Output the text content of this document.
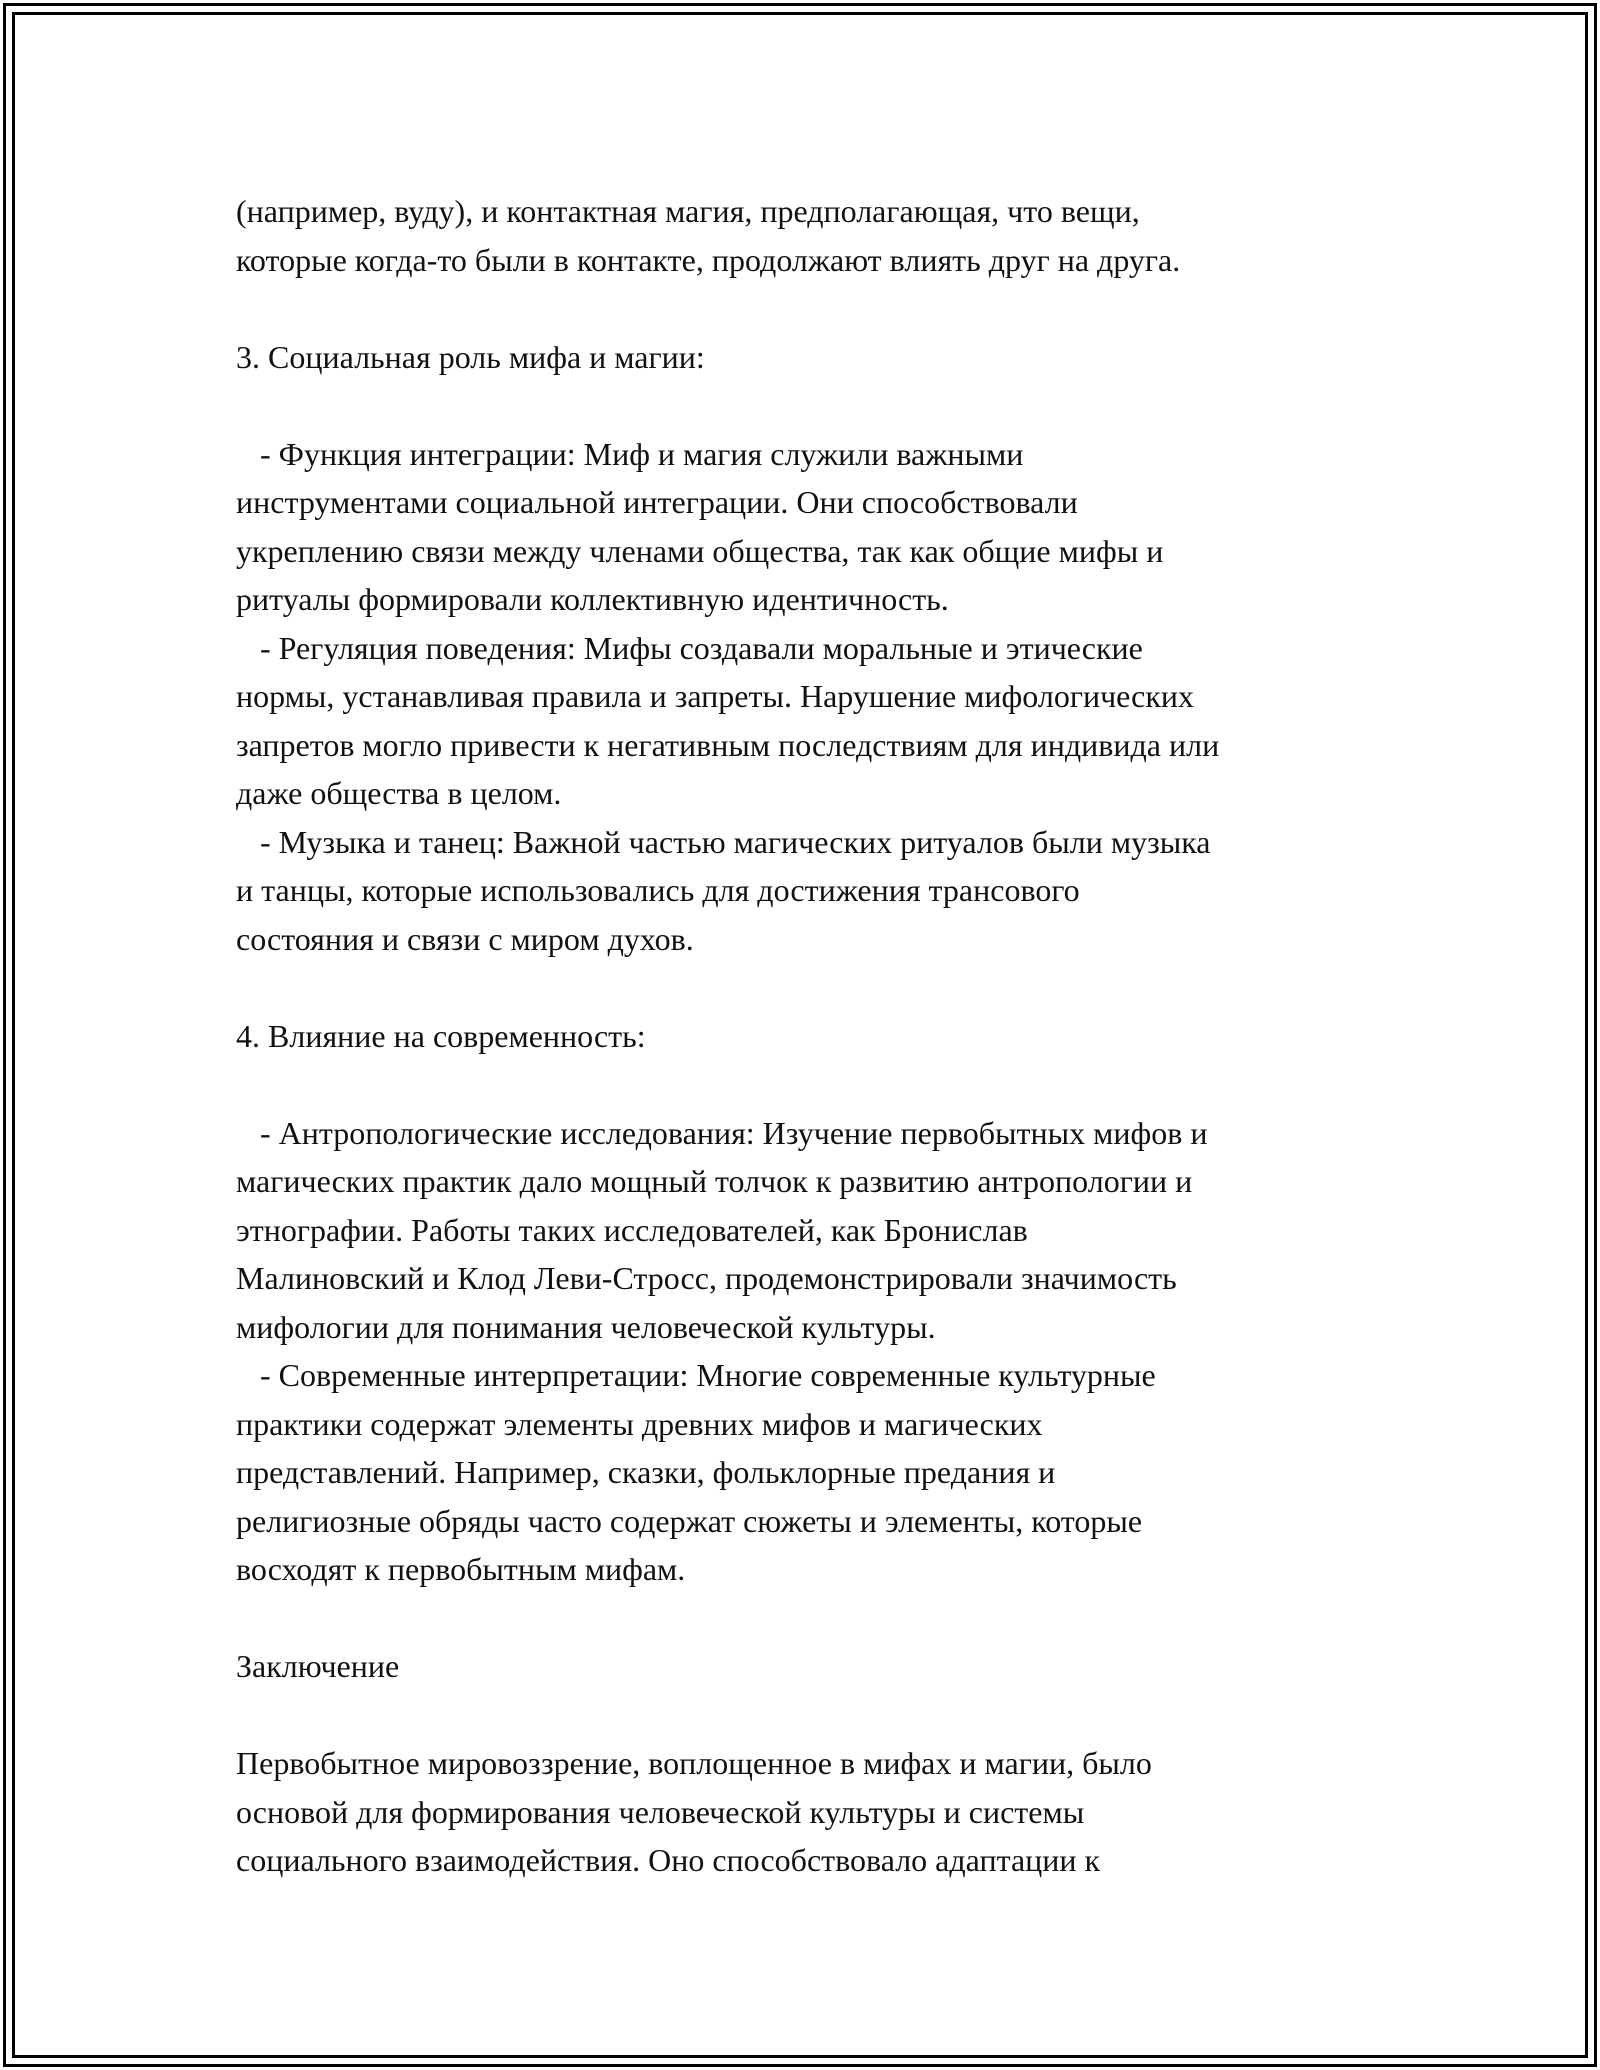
(например, вуду), и контактная магия, предполагающая, что вещи,

которые когда-то были в контакте, продолжают влиять друг на друга.

3. Социальная роль мифа и магии:

- Функция интеграции: Миф и магия служили важными

инструментами социальной интеграции. Они способствовали

укреплению связи между членами общества, так как общие мифы и

ритуалы формировали коллективную идентичность.

- Регуляция поведения: Мифы создавали моральные и этические

нормы, устанавливая правила и запреты. Нарушение мифологических

запретов могло привести к негативным последствиям для индивида или

даже общества в целом.

- Музыка и танец: Важной частью магических ритуалов были музыка

и танцы, которые использовались для достижения трансового

состояния и связи с миром духов.

4. Влияние на современность:

- Антропологические исследования: Изучение первобытных мифов и

магических практик дало мощный толчок к развитию антропологии и

этнографии. Работы таких исследователей, как Бронислав

Малиновский и Клод Леви-Стросс, продемонстрировали значимость

мифологии для понимания человеческой культуры.

- Современные интерпретации: Многие современные культурные

практики содержат элементы древних мифов и магических

представлений. Например, сказки, фольклорные предания и

религиозные обряды часто содержат сюжеты и элементы, которые

восходят к первобытным мифам.

Заключение

Первобытное мировоззрение, воплощенное в мифах и магии, было

основой для формирования человеческой культуры и системы

социального взаимодействия. Оно способствовало адаптации к
